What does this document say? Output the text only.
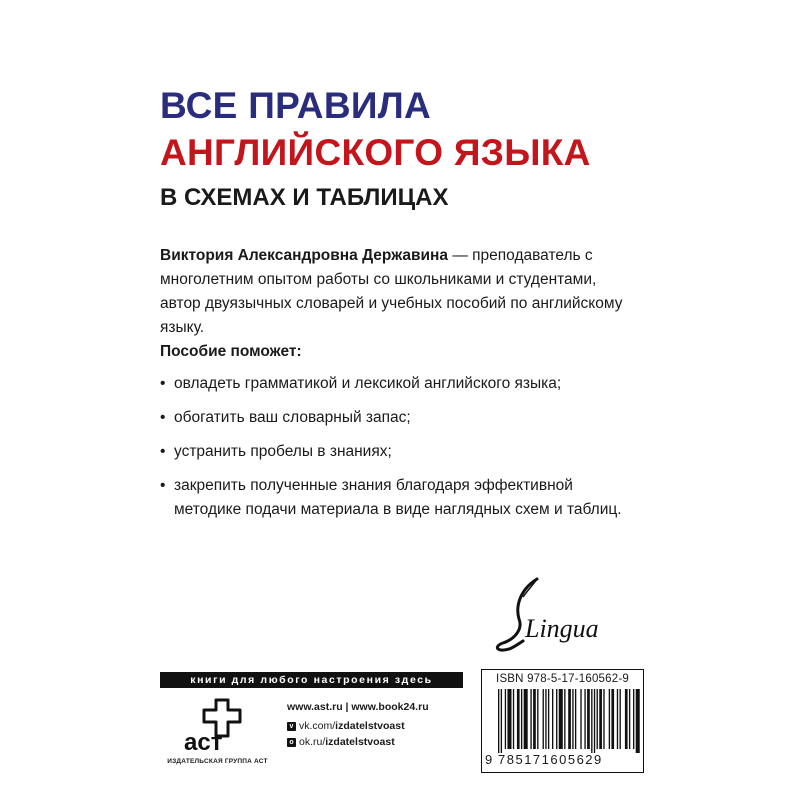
ВСЕ ПРАВИЛА
АНГЛИЙСКОГО ЯЗЫКА
В СХЕМАХ И ТАБЛИЦАХ
Виктория Александровна Державина — преподаватель с многолетним опытом работы со школьниками и студентами, автор двуязычных словарей и учебных пособий по английскому языку.
Пособие поможет:
• овладеть грамматикой и лексикой английского языка;
• обогатить ваш словарный запас;
• устранить пробелы в знаниях;
• закрепить полученные знания благодаря эффективной методике подачи материала в виде наглядных схем и таблиц.
Lingua
книги для любого настроения здесь
аст
ИЗДАТЕЛЬСКАЯ ГРУППА АСТ
www.ast.ru | www.book24.ru
v vk.com/ izdatelstvoast
o ok.ru/ izdatelstvoast
ISBN 978-5-17-160562-9
9 785171605629
